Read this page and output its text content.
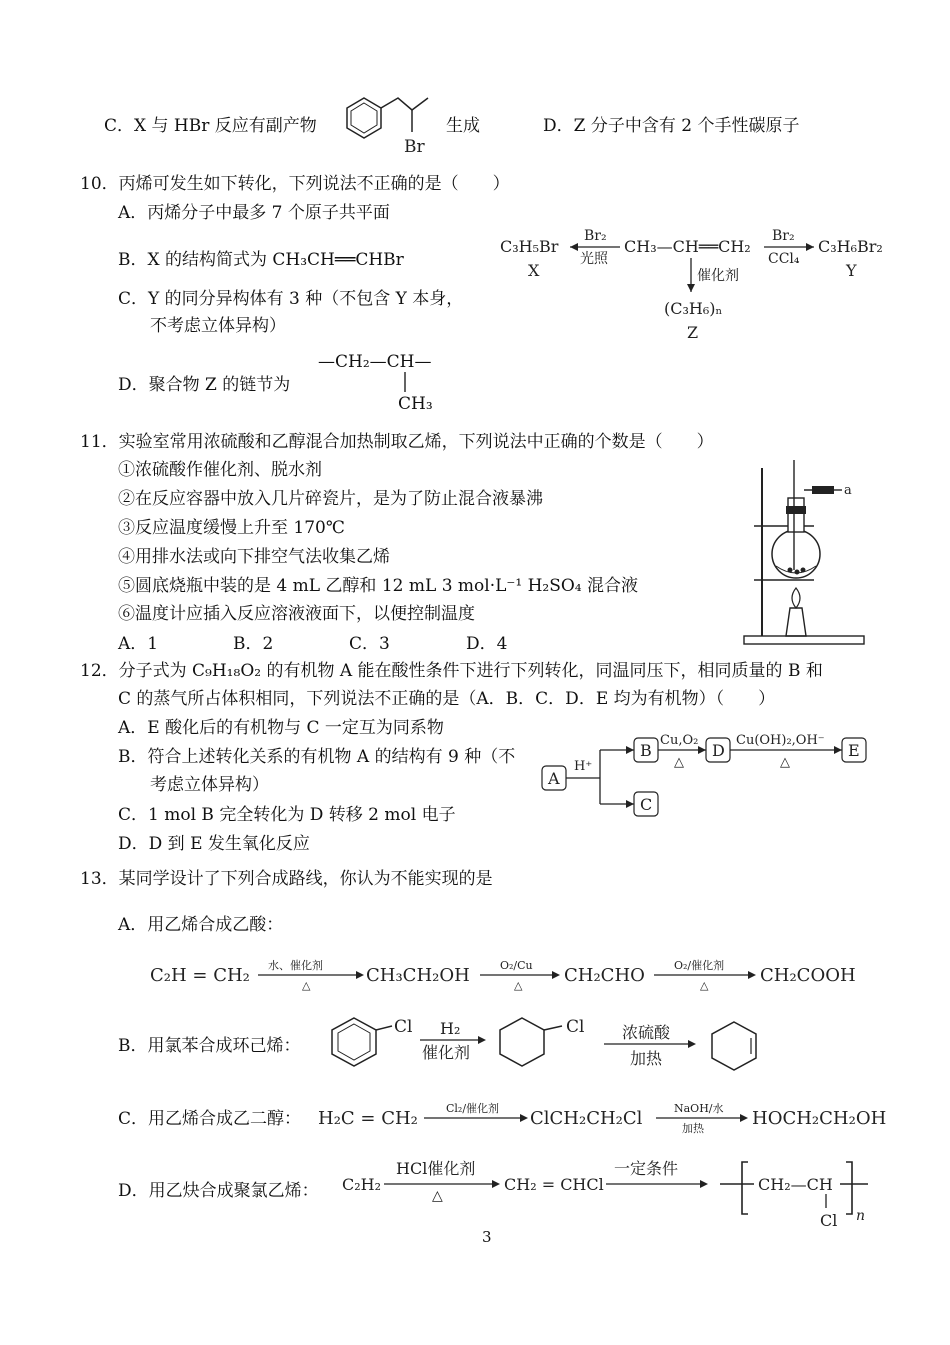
C．X 与 HBr 反应有副产物
Br
生成	D．Z 分子中含有 2 个手性碳原子
10．丙烯可发生如下转化，下列说法不正确的是（　　）
A．丙烯分子中最多 7 个原子共平面
B．X 的结构简式为 CH₃CH══CHBr
C．Y 的同分异构体有 3 种（不包含 Y 本身，
不考虑立体异构）
D．聚合物 Z 的链节为
—CH₂—CH—
CH₃
C₃H₅Br
X
Br₂
光照
CH₃—CH══CH₂
Br₂
CCl₄
C₃H₆Br₂
Y
催化剂
(C₃H₆)ₙ
Z
11．实验室常用浓硫酸和乙醇混合加热制取乙烯，下列说法中正确的个数是（　　）
①浓硫酸作催化剂、脱水剂
②在反应容器中放入几片碎瓷片，是为了防止混合液暴沸
③反应温度缓慢上升至 170℃
④用排水法或向下排空气法收集乙烯
⑤圆底烧瓶中装的是 4 mL 乙醇和 12 mL 3 mol·L⁻¹ H₂SO₄ 混合液
⑥温度计应插入反应溶液液面下，以便控制温度
A．1	B．2	C．3	D．4
a
12．分子式为 C₉H₁₈O₂ 的有机物 A 能在酸性条件下进行下列转化，同温同压下，相同质量的 B 和
C 的蒸气所占体积相同，下列说法不正确的是（A．B．C．D．E 均为有机物）（　　）
A．E 酸化后的有机物与 C 一定互为同系物
B．符合上述转化关系的有机物 A 的结构有 9 种（不
考虑立体异构）
C．1 mol B 完全转化为 D 转移 2 mol 电子
D．D 到 E 发生氧化反应
A
B
C
D	E
H⁺
Cu,O₂
△
Cu(OH)₂,OH⁻
△
13．某同学设计了下列合成路线，你认为不能实现的是
A．用乙烯合成乙酸：
C₂H = CH₂ 水、催化剂
△	CH₃CH₂OH	O₂/Cu
△ CH₂CHO	O₂/催化剂
△	CH₂COOH
B．用氯苯合成环己烯：
Cl H₂
催化剂
Cl 浓硫酸
加热
C．用乙烯合成乙二醇： H₂C = CH₂	Cl₂/催化剂 ClCH₂CH₂Cl	NaOH/水
加热	HOCH₂CH₂OH
D．用乙炔合成聚氯乙烯： C₂H₂
HCl催化剂
△
CH₂ = CHCl
一定条件
CH₂—CH
Cl n
3
